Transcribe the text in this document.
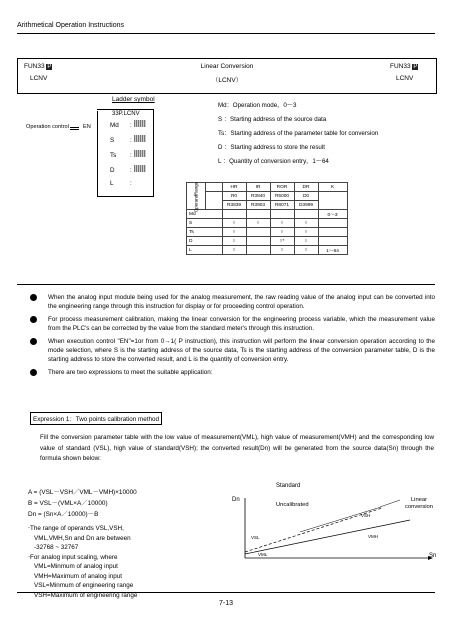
Arithmetical Operation Instructions
FUN33 P
LCNV
Linear Conversion
（LCNV）
FUN33 P
LCNV
Ladder symbol
Operation control	EN
33P.LCNV
Md :
S	:
Ts :
D :
L	:
Md：Operation mode，0～3
S ：Starting address of the source data
Ts：Starting address of the parameter table for conversion
D ：Starting address to store the result
L ：Quantity of conversion entry，1～64
Range
Operand		HR	IR	ROR	DR	K
		R0	R3840	R5000	D0	
		R3839	R3903	R8071	D3999	
Md						0～3
S		○	○	○	○	
Ts		○		○	○	
D		○		○*	○	
L		○		○	○	1～64
When the analog input module being used for the analog measurement, the raw reading value of the analog input can be converted into the engineering range through this instruction for display or for proceeding control operation.
For process measurement calibration, making the linear conversion for the engineering process variable, which the measurement value from the PLC's can be corrected by the value from the standard meter's through this instruction.
When execution control "EN"=1or from 0→1( P instruction), this instruction will perform the linear conversion operation according to the mode selection, where S is the starting address of the source data, Ts is the starting address of the conversion parameter table, D is the starting address to store the converted result, and L is the quantity of conversion entry.
There are two expressions to meet the suitable application:
Expression 1：Two points calibration method
Fill the conversion parameter table with the low value of measurement(VML), high value of measurement(VMH) and the corresponding low value of standard (VSL), high value of standard(VSH); the converted result(Dn) will be generated from the source data(Sn) through the formula shown below:
A = (VSL－VSH／VML－VMH)×10000
B = VSL－(VML×A／10000)
Dn = (Sn×A／10000)－B
‧The range of operands VSL,VSH,
VML,VMH,Sn and Dn are between
-32768 ~ 32767
‧For analog input scaling, where
VML=Minmum of analog input
VMH=Maximum of analog input
VSL=Minmum of engineering range
VSH=Maximum of engineering range
Dn
Sn
Standard
Uncalibrated
Linear conversion
VSH
VMH
VSL
VML
7-13
